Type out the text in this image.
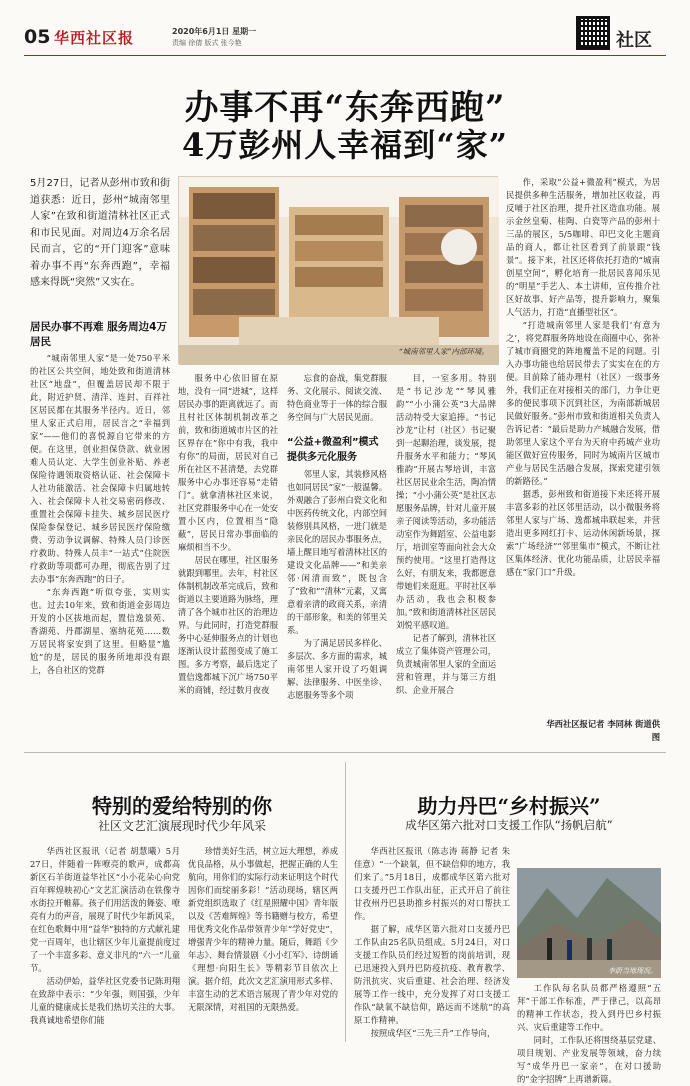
05 华西社区报	2020年6月1日 星期一
责编 徐倩 版式 张今艳	社区
办事不再“东奔西跑”
4万彭州人幸福到“家”
5月27日，记者从彭州市致和街道获悉：近日，彭州“城南邻里人家”在致和街道清林社区正式和市民见面。对周边4万余名居民而言，它的“开门迎客”意味着办事不再“东奔西跑”，幸福感来得既“突然”又实在。
“城南邻里人家”内部环境。
居民办事不再难 服务周边4万居民

“城南邻里人家”是一处750平米的社区公共空间，地处致和街道清林社区“地盘”，但覆盖居民却不限于此，附近护贤、清洋、连封、百祥社区居民都在其服务半径内。近日，邻里人家正式启用，居民言之“幸福到家”——他们的喜悦源自它带来的方便。在这里，创业担保贷款、就业困难人员认定、大学生创业补贴、养老保险待遇领取资格认证、社会保障卡人社功能激活、社会保障卡归属地转入、社会保障卡人社交易密码修改、重置社会保障卡挂失、城乡居民医疗保险参保登记、城乡居民医疗保险缴费、劳动争议调解、特殊人员门诊医疗救助、特殊人员丰“一站式”住院医疗救助等项都可办理，彻底告别了过去办事“东奔西跑”的日子。

“东奔西跑”听似夸张，实则实也。过去10年来，致和街道金彭周边开发的小区拔地而起，置信逸景苑、香湖苑、丹郡湖星、塞纳花苑……数万居民将家安到了这里。但略显“尴尬”的是，居民的服务所地却没有跟上，各自社区的党群

服务中心依旧留在原地，没有一同“进城”，这样居民办事的距离就远了。而且村社区体制机制改革之前，致和街道城市片区的社区界存在“你中有我，我中有你”的局面，居民对自己所在社区不甚清楚，去党群服务中心办事还容易“走错门”。就拿清林社区来说，社区党群服务中心在一处安置小区内，位置相当“隐蔽”，居民日常办事面临的麻烦相当不少。

居民在哪里，社区服务就跟到哪里。去年，村社区体制机制改革完成后，致和街道以主要道路为脉络，理清了各个城市社区的治理边界。与此同时，打造党群服务中心延伸服务点的计划也逐渐认设计蓝图变成了施工图。多方考察，最后选定了置信逸都城下沉广场750平米的商铺，经过数月夜夜

忘食的奋战，集党群服务、文化展示、阅读交流、特色商业等于一体的综合服务空间与广大居民见面。

“公益+微盈利”模式 提供多元化服务

邻里人家，其装修风格也如同居民“家”一般温馨。外观融合了彭州白瓷文化和中医药传统文化，内部空间装修别具风格，一进门就是亲民化的居民办事服务点，墙上醒目地写着清林社区的建设文化品牌——“和美亲邻·闲清而致”，既包含了“致和”“清林”元素，又寓意着亲清的政商关系，亲清的干部形象，和美的邻里关系。

为了满足居民多样化、多层次、多方面的需求，城南邻里人家开设了巧姐调解、法律服务、中医坐诊、志愿服务等多个项

目，一室多用。特别是“书记沙龙”“琴风雅韵”“小小蒲公英”3大品牌活动特受大家追捧。“书记沙龙”让村（社区）书记聚到一起聊治理，谈发展，提升服务水平和能力；“琴风雅韵”开展古琴培训，丰富社区居民业余生活，陶冶情操；“小小蒲公英”是社区志愿服务品牌，针对儿童开展亲子阅读等活动，多功能活动室作为舞蹈室、公益电影厅，培训室等面向社会大众预约使用。“这里打造得这么好，有朋友来，我都愿意带她们来逛逛。平时社区举办活动，我也会积极参加。”致和街道清林社区居民刘悦平感叹道。

记者了解到，清林社区成立了集体资产管理公司，负责城南邻里人家的全面运营和管理，并与第三方组织、企业开展合

作，采取“公益+微盈利”模式，为居民提供多种生活服务，增加社区收益，再反哺于社区治理，提升社区造血功能。展示金丝皇菊、桂陶、白瓷等产品的彭州十三品的展区，5/5咖啡、印巴文化主题商品的商人，都让社区看到了前景跟“钱景”。接下来，社区还将依托打造的“城南创星空间”，孵化培育一批居民喜闻乐见的“明星”手艺人、本土讲师，宣传推介社区好故事、好产品等，提升影响力，聚集人气活力，打造“直播型社区”。

“打造城南邻里人家是我们‘有意为之’，将党群服务阵地设在商圈中心，弥补了城市商圈党的阵地覆盖不足的问题。引入办事功能也给居民带去了实实在在的方便。目前除了能办理村（社区）一级事务外，我们正在对接相关的部门，力争让更多的便民事项下沉到社区，为南部新城居民做好服务。”彭州市致和街道相关负责人告诉记者：“最后是助力产城融合发展，借助邻里人家这个平台为天府中药城产业功能区做好宣传服务，同时为城南片区城市产业与居民生活融合发展，探索党建引领的新路径。”

据悉，彭州致和街道接下来还将开展丰富多彩的社区邻里活动，以小微服务将邻里人家与广场、逸都城串联起来，并营造出更多网红打卡、运动休闲新场景，探索“广场经济”“邻里集市”模式，不断让社区集体经济、优化功能品质，让居民幸福感在“家门口”升级。

华西社区报记者 李同林 街道供图
特别的爱给特别的你
社区文艺汇演展现时代少年风采

华西社区报讯（记者 胡慧曦）5月27日，伴随着一阵嘹亮的歌声，成都高新区石羊街道益华社区“小小花朵心向党 百年辉煌映初心”文艺汇演活动在铁像寺水街拉开帷幕。孩子们用活泼的舞姿、嘹亮有力的声音，展现了时代少年新风采，在红色歌舞中用“益华”独特的方式献礼建党一百周年，也让辖区少年儿童提前度过了一个丰富多彩、意义非凡的“六一”儿童节。

活动伊始，益华社区党委书记陈玥翔在致辞中表示：“少年强，则国强，少年儿童的健康成长是我们热切关注的大事。我真诚地希望你们能

珍惜美好生活，树立远大理想，养成优良品格，从小事做起，把握正确的人生航向，用你们的实际行动来证明这个时代因你们而绽丽多彩！”活动现场，辖区两新党组织选取了《红星照耀中国》青年版以及《苦难辉煌》等书籍赠与校方，希望用优秀文化作品带领青少年“学好党史”，增强青少年的精神力量。随后，舞蹈《少年志》、舞台情景剧《小小红军》、诗朗诵《理想·向阳生长》等精彩节目依次上演。据介绍，此次文艺汇演用形式多样、丰富生动的艺术语言展现了青少年对党的无限深情，对祖国的无限热爱。

助力丹巴“乡村振兴”
成华区第六批对口支援工作队“扬帆启航”

华西社区报讯（陈志涛 蒋静 记者 朱佳意）“一个缺氧，但不缺信仰的地方，我们来了。”5月18日，成都成华区第六批对口支援丹巴工作队出征，正式开启了前往甘孜州丹巴县助推乡村振兴的对口帮扶工作。

据了解，成华区第六批对口支援丹巴工作队由25名队员组成。5月24日，对口支援工作队员们经过短暂的岗前培训，现已迅速投入到丹巴防疫抗疫、教育教学、防汛抗灾、灾后重建、社会治理、经济发展等工作一线中，充分发挥了对口支援工作队“缺氧不缺信仰，路远而不迷航”的高原工作精神。

按照成华区“三先三升”工作导向，

李蔚当地现况。

工作队每名队员都严格遵照“五拜”干部工作标准，严于律己，以高昂的精神工作状态，投入到丹巴乡村振兴、灾后重建等工作中。

同时，工作队还将围绕基层党建、项目规划、产业发展等领域，奋力续写“成华丹巴一家亲”，在对口援助的“金字招牌”上再谱新篇。
